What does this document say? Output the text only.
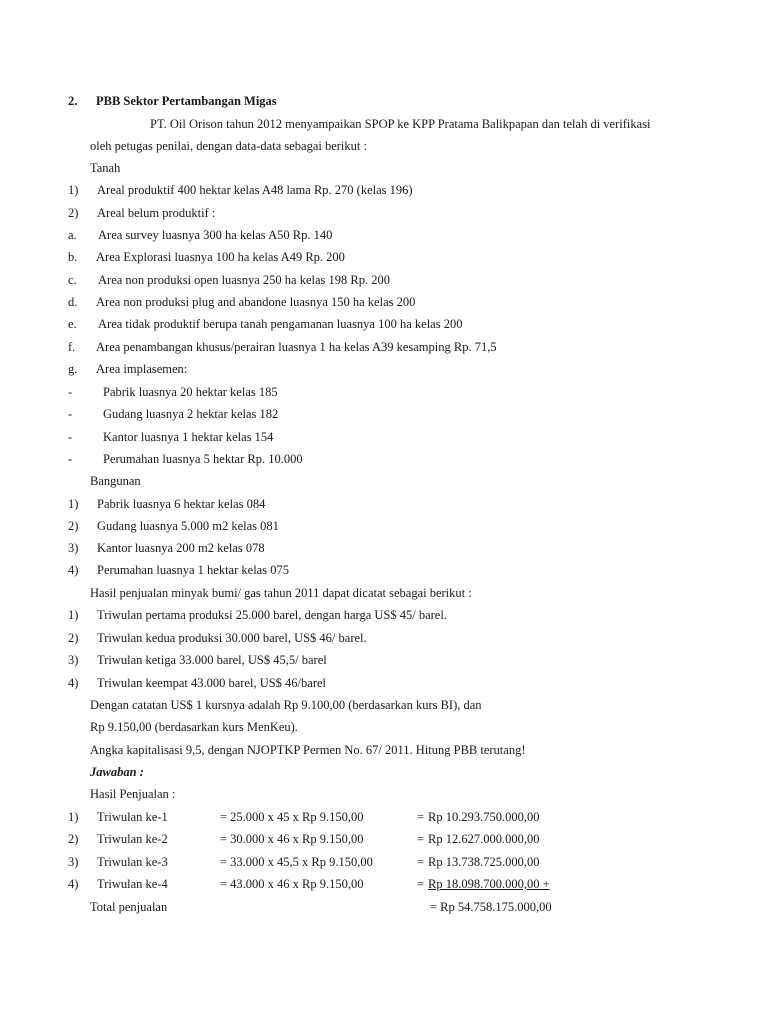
2. PBB Sektor Pertambangan Migas
PT. Oil Orison tahun 2012 menyampaikan SPOP ke KPP Pratama Balikpapan dan telah di verifikasi
oleh petugas penilai, dengan data-data sebagai berikut :
Tanah
1) Areal produktif 400 hektar kelas A48 lama Rp. 270 (kelas 196)
2) Areal belum produktif :
a. Area survey luasnya 300 ha kelas A50 Rp. 140
b. Area Explorasi luasnya 100 ha kelas A49 Rp. 200
c. Area non produksi open luasnya 250 ha kelas 198 Rp. 200
d. Area non produksi plug and abandone luasnya 150 ha kelas 200
e. Area tidak produktif berupa tanah pengamanan luasnya 100 ha kelas 200
f. Area penambangan khusus/perairan luasnya 1 ha kelas A39 kesamping Rp. 71,5
g. Area implasemen:
- Pabrik luasnya 20 hektar kelas 185
- Gudang luasnya 2 hektar kelas 182
- Kantor luasnya 1 hektar kelas 154
- Perumahan luasnya 5 hektar Rp. 10.000
Bangunan
1) Pabrik luasnya 6 hektar kelas 084
2) Gudang luasnya 5.000 m2 kelas 081
3) Kantor luasnya 200 m2 kelas 078
4) Perumahan luasnya 1 hektar kelas 075
Hasil penjualan minyak bumi/ gas tahun 2011 dapat dicatat sebagai berikut :
1) Triwulan pertama produksi 25.000 barel, dengan harga US$ 45/ barel.
2) Triwulan kedua produksi 30.000 barel, US$ 46/ barel.
3) Triwulan ketiga 33.000 barel, US$ 45,5/ barel
4) Triwulan keempat 43.000 barel, US$ 46/barel
Dengan catatan US$ 1 kursnya adalah Rp 9.100,00 (berdasarkan kurs BI), dan
Rp 9.150,00 (berdasarkan kurs MenKeu).
Angka kapitalisasi 9,5, dengan NJOPTKP Permen No. 67/ 2011. Hitung PBB terutang!
Jawaban :
Hasil Penjualan :
1) Triwulan ke-1	= 25.000 x 45 x Rp 9.150,00	= Rp 10.293.750.000,00
2) Triwulan ke-2	= 30.000 x 46 x Rp 9.150,00	= Rp 12.627.000.000,00
3) Triwulan ke-3	= 33.000 x 45,5 x Rp 9.150,00	= Rp 13.738.725.000,00
4) Triwulan ke-4	= 43.000 x 46 x Rp 9.150,00	= Rp 18.098.700.000,00 +
Total penjualan	= Rp 54.758.175.000,00
